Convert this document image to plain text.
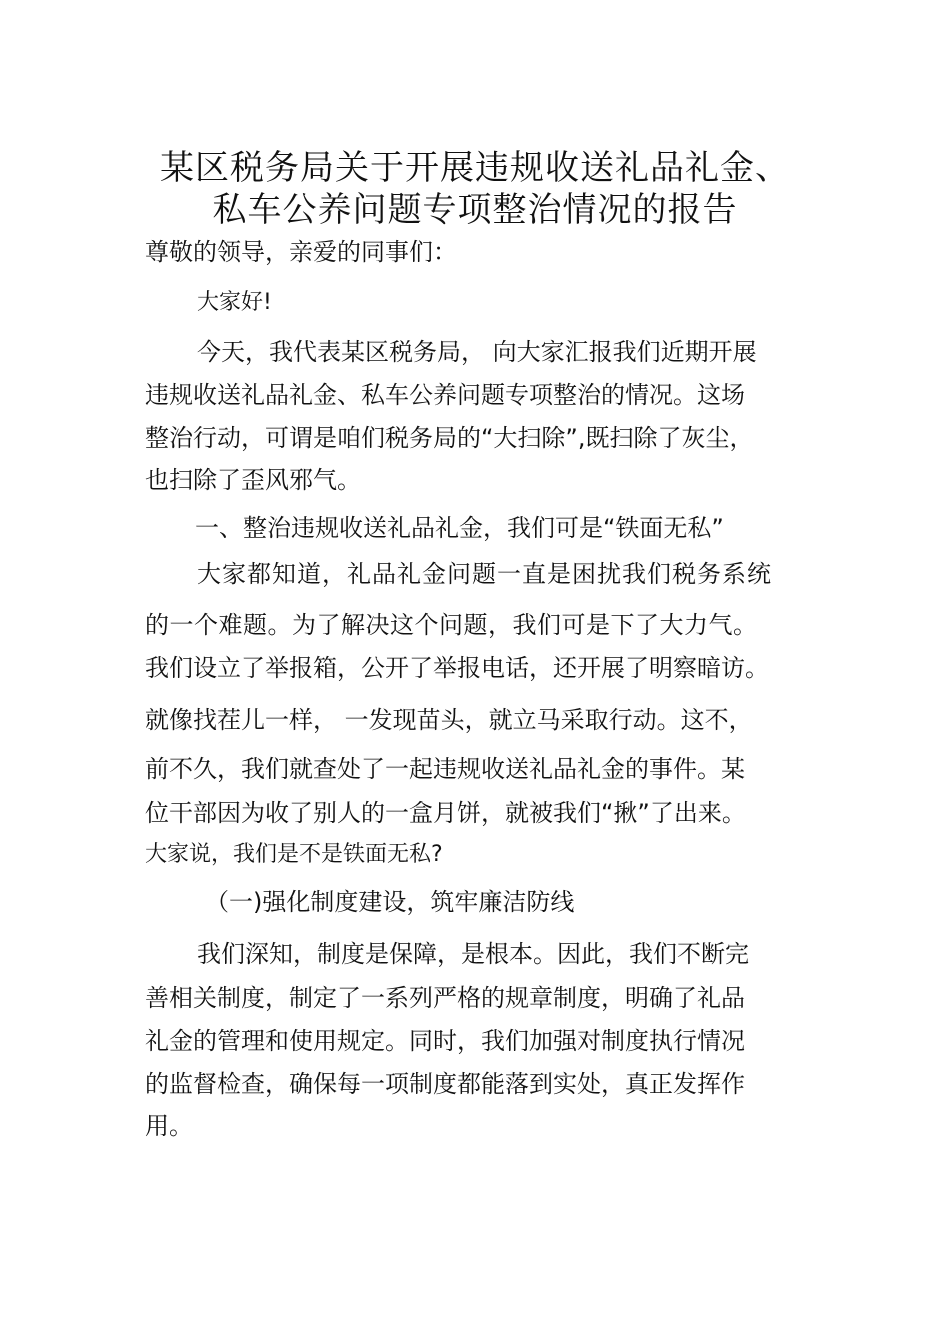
某区税务局关于开展违规收送礼品礼金、
私车公养问题专项整治情况的报告
尊敬的领导，亲爱的同事们：
大家好!
今天，我代表某区税务局， 向大家汇报我们近期开展
违规收送礼品礼金、私车公养问题专项整治的情况。这场
整治行动，可谓是咱们税务局的“大扫除”,既扫除了灰尘，
也扫除了歪风邪气。
一、整治违规收送礼品礼金，我们可是“铁面无私”
大家都知道，礼品礼金问题一直是困扰我们税务系统
的一个难题。为了解决这个问题，我们可是下了大力气。
我们设立了举报箱，公开了举报电话，还开展了明察暗访。
就像找茬儿一样， 一发现苗头，就立马采取行动。这不，
前不久，我们就查处了一起违规收送礼品礼金的事件。某
位干部因为收了别人的一盒月饼，就被我们“揪”了出来。
大家说，我们是不是铁面无私?
（一)强化制度建设，筑牢廉洁防线
我们深知，制度是保障，是根本。因此，我们不断完
善相关制度，制定了一系列严格的规章制度，明确了礼品
礼金的管理和使用规定。同时，我们加强对制度执行情况
的监督检查，确保每一项制度都能落到实处，真正发挥作
用。
